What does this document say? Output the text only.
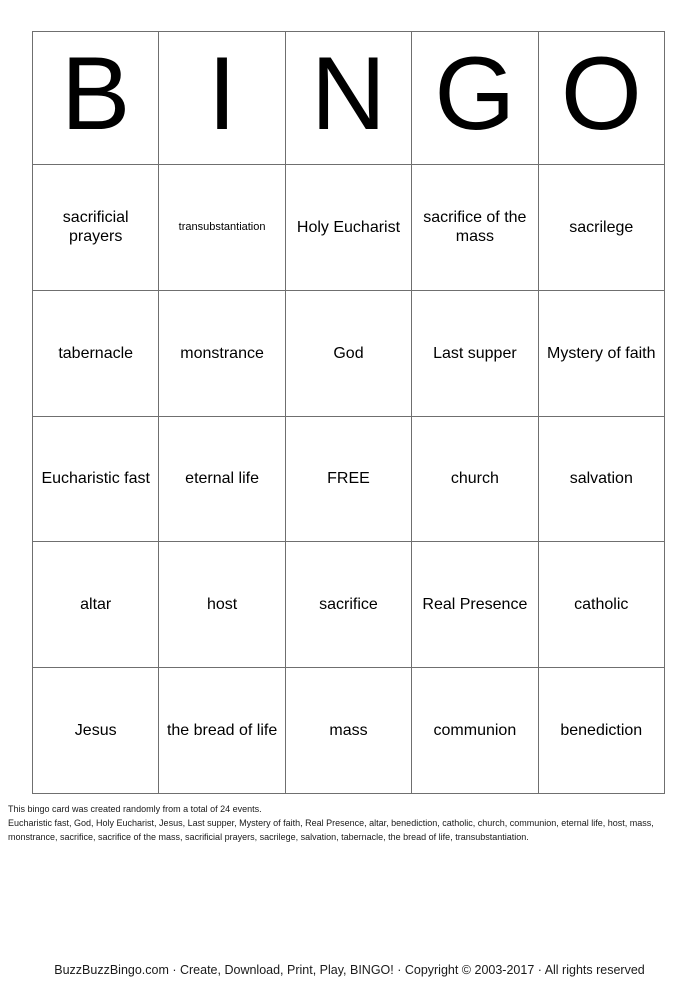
B	I	N	G	O

sacrificial prayers	transubstantiation	Holy Eucharist	sacrifice of the mass	sacrilege

tabernacle	monstrance	God	Last supper	Mystery of faith

Eucharistic fast	eternal life	FREE	church	salvation

altar	host	sacrifice	Real Presence	catholic

Jesus	the bread of life	mass	communion	benediction
This bingo card was created randomly from a total of 24 events.
Eucharistic fast, God, Holy Eucharist, Jesus, Last supper, Mystery of faith, Real Presence, altar, benediction, catholic, church, communion, eternal life, host, mass,
monstrance, sacrifice, sacrifice of the mass, sacrificial prayers, sacrilege, salvation, tabernacle, the bread of life, transubstantiation.
BuzzBuzzBingo.com · Create, Download, Print, Play, BINGO! · Copyright © 2003-2017 · All rights reserved
